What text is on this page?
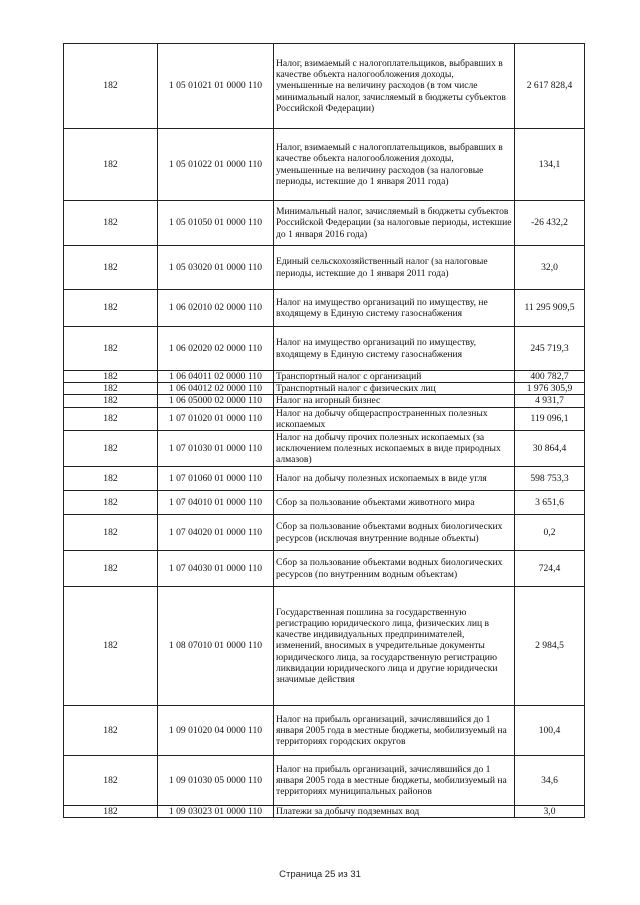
182	1 05 01021 01 0000 110	Налог, взимаемый с налогоплательщиков, выбравших в качестве объекта налогообложения доходы, уменьшенные на величину расходов (в том числе минимальный налог, зачисляемый в бюджеты субъектов Российской Федерации)	2 617 828,4
182	1 05 01022 01 0000 110	Налог, взимаемый с налогоплательщиков, выбравших в качестве объекта налогообложения доходы, уменьшенные на величину расходов (за налоговые периоды, истекшие до 1 января 2011 года)	134,1
182	1 05 01050 01 0000 110	Минимальный налог, зачисляемый в бюджеты субъектов Российской Федерации (за налоговые периоды, истекшие до 1 января 2016 года)	-26 432,2
182	1 05 03020 01 0000 110	Единый сельскохозяйственный налог (за налоговые периоды, истекшие до 1 января 2011 года)	32,0
182	1 06 02010 02 0000 110	Налог на имущество организаций по имуществу, не входящему в Единую систему газоснабжения	11 295 909,5
182	1 06 02020 02 0000 110	Налог на имущество организаций по имуществу, входящему в Единую систему газоснабжения	245 719,3
182	1 06 04011 02 0000 110	Транспортный налог с организаций	400 782,7
182	1 06 04012 02 0000 110	Транспортный налог с физических лиц	1 976 305,9
182	1 06 05000 02 0000 110	Налог на игорный бизнес	4 931,7
182	1 07 01020 01 0000 110	Налог на добычу общераспространенных полезных ископаемых	119 096,1
182	1 07 01030 01 0000 110	Налог на добычу прочих полезных ископаемых (за исключением полезных ископаемых в виде природных алмазов)	30 864,4
182	1 07 01060 01 0000 110	Налог на добычу полезных ископаемых в виде угля	598 753,3
182	1 07 04010 01 0000 110	Сбор за пользование объектами животного мира	3 651,6
182	1 07 04020 01 0000 110	Сбор за пользование объектами водных биологических ресурсов (исключая внутренние водные объекты)	0,2
182	1 07 04030 01 0000 110	Сбор за пользование объектами водных биологических ресурсов (по внутренним водным объектам)	724,4
182	1 08 07010 01 0000 110	Государственная пошлина за государственную регистрацию юридического лица, физических лиц в качестве индивидуальных предпринимателей, изменений, вносимых в учредительные документы юридического лица, за государственную регистрацию ликвидации юридического лица и другие юридически значимые действия	2 984,5
182	1 09 01020 04 0000 110	Налог на прибыль организаций, зачислявшийся до 1 января 2005 года в местные бюджеты, мобилизуемый на территориях городских округов	100,4
182	1 09 01030 05 0000 110	Налог на прибыль организаций, зачислявшийся до 1 января 2005 года в местные бюджеты, мобилизуемый на территориях муниципальных районов	34,6
182	1 09 03023 01 0000 110	Платежи за добычу подземных вод	3,0
Страница 25 из 31
